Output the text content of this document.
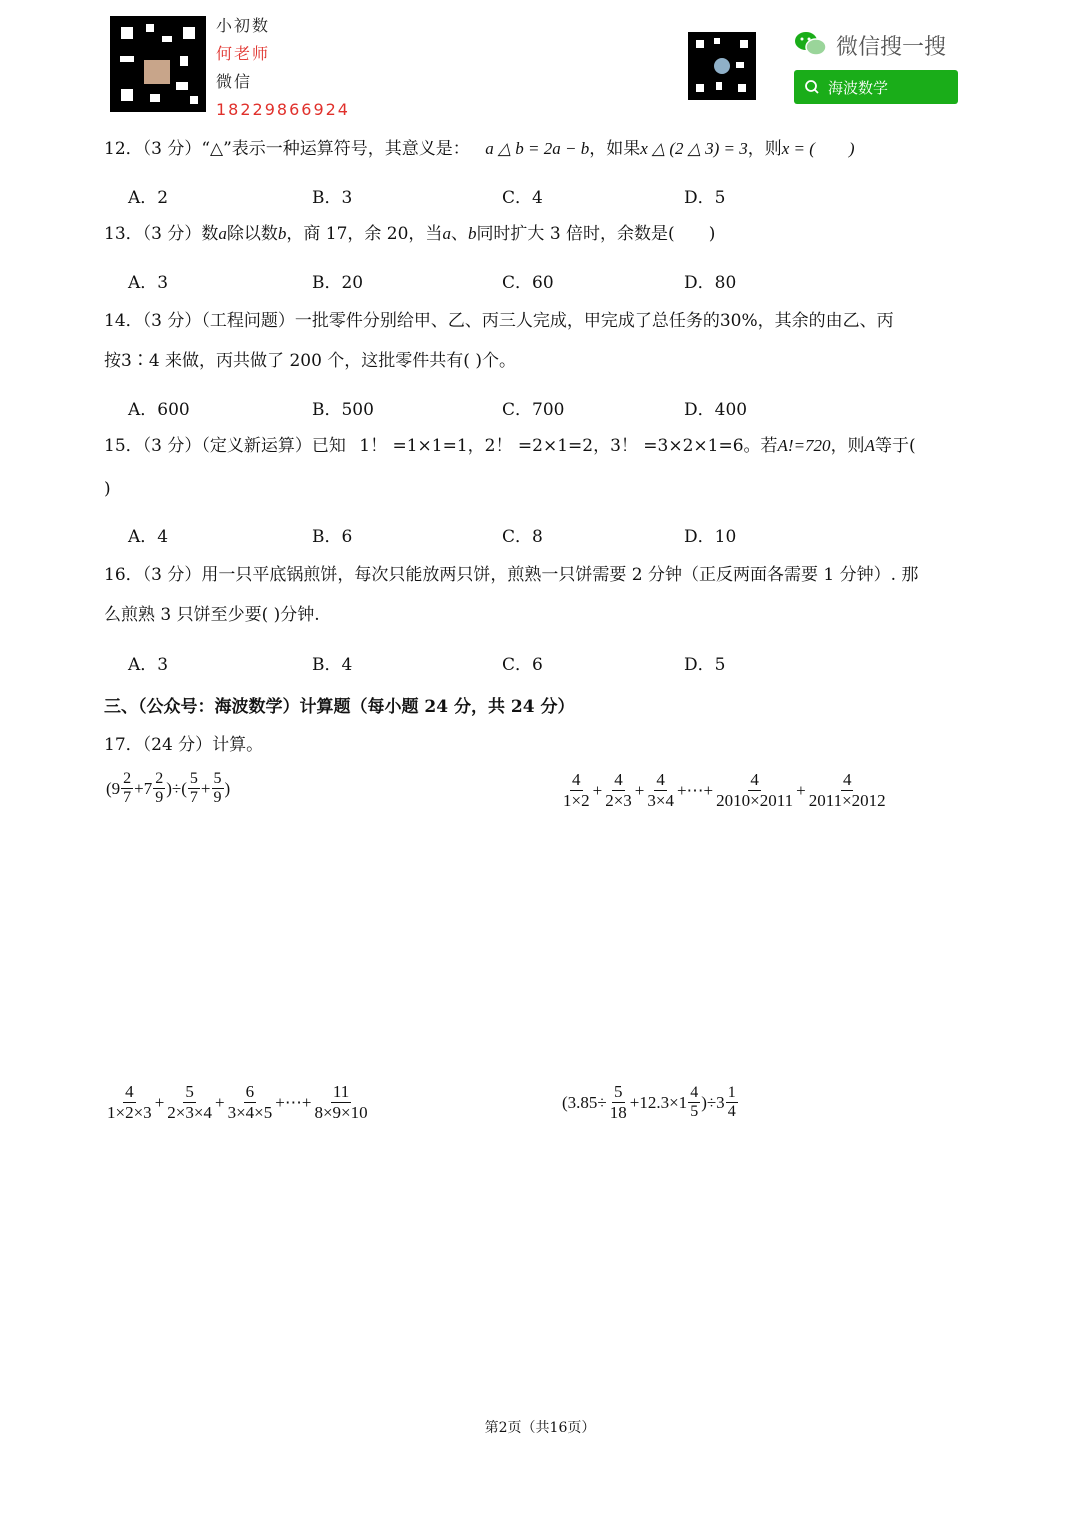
小初数
何老师
微信
18229866924
微信搜一搜
海波数学
12．（3 分）“△”表示一种运算符号，其意义是： a △ b = 2a − b，如果x △ (2 △ 3) = 3，则x = (　　)
A．2	B．3	C．4	D．5
13．（3 分）数a除以数b，商 17，余 20，当a、b同时扩大 3 倍时，余数是(　　)
A．3	B．20	C．60	D．80
14．（3 分）（工程问题）一批零件分别给甲、乙、丙三人完成，甲完成了总任务的30%，其余的由乙、丙
按3∶4 来做，丙共做了 200 个，这批零件共有( )个。
A．600	B．500	C．700	D．400
15．（3 分）（定义新运算）已知 1！ =1×1=1，2！ =2×1=2，3！ =3×2×1=6。若A!=720，则A等于(
)
A．4	B．6	C．8	D．10
16．（3 分）用一只平底锅煎饼，每次只能放两只饼，煎熟一只饼需要 2 分钟（正反两面各需要 1 分钟）. 那
么煎熟 3 只饼至少要( )分钟.
A．3	B．4	C．6	D．5
三、（公众号：海波数学）计算题（每小题 24 分，共 24 分）
17．（24 分）计算。
($9 \frac{2}{7} +7 \frac{2}{9}$ )÷( $\frac{5}{7} + \frac{5}{9}$ )	$\frac{4}{1\times 2} + \frac{4}{2\times 3} + \frac{4}{3\times 4}$ +⋯+ $\frac{4}{2010\times 2011} + \frac{4}{2011\times 2012}$
$\frac{4}{1\times 2\times 3} + \frac{5}{2\times 3\times 4} + \frac{6}{3\times 4\times 5}$ +⋯+ $\frac{11}{8\times 9\times 10}$	$(3.85\div \frac{5}{18} +12.3\times 1 \frac{4}{5} )\div 3 \frac{1}{4}$
第2页（共16页）
